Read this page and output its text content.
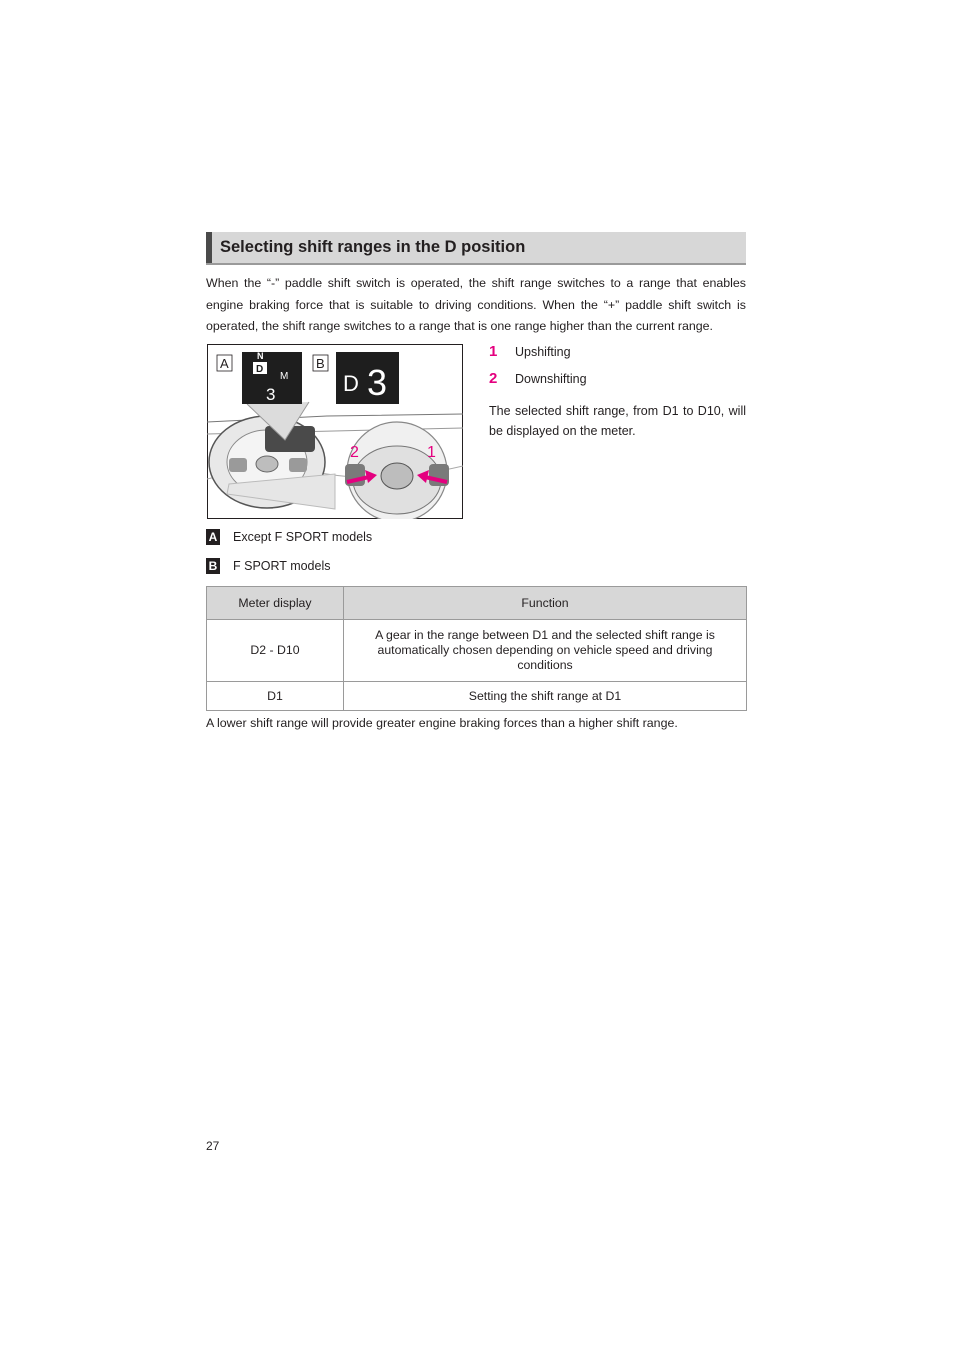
Selecting shift ranges in the D position

When the “-” paddle shift switch is operated, the shift range switches to a range that enables engine braking force that is suitable to driving conditions. When the “+” paddle shift switch is operated, the shift range switches to a range that is one range higher than the current range.

N
D
M
3	D 3
A	B
2	1
1 Upshifting
2 Downshifting

The selected shift range, from D1 to D10, will be displayed on the meter.

A Except F SPORT models
B F SPORT models
Meter display	Function
D2 - D10	A gear in the range between D1 and the selected shift range is automatically chosen depending on vehicle speed and driving conditions
D1	Setting the shift range at D1

A lower shift range will provide greater engine braking forces than a higher shift range.

27
